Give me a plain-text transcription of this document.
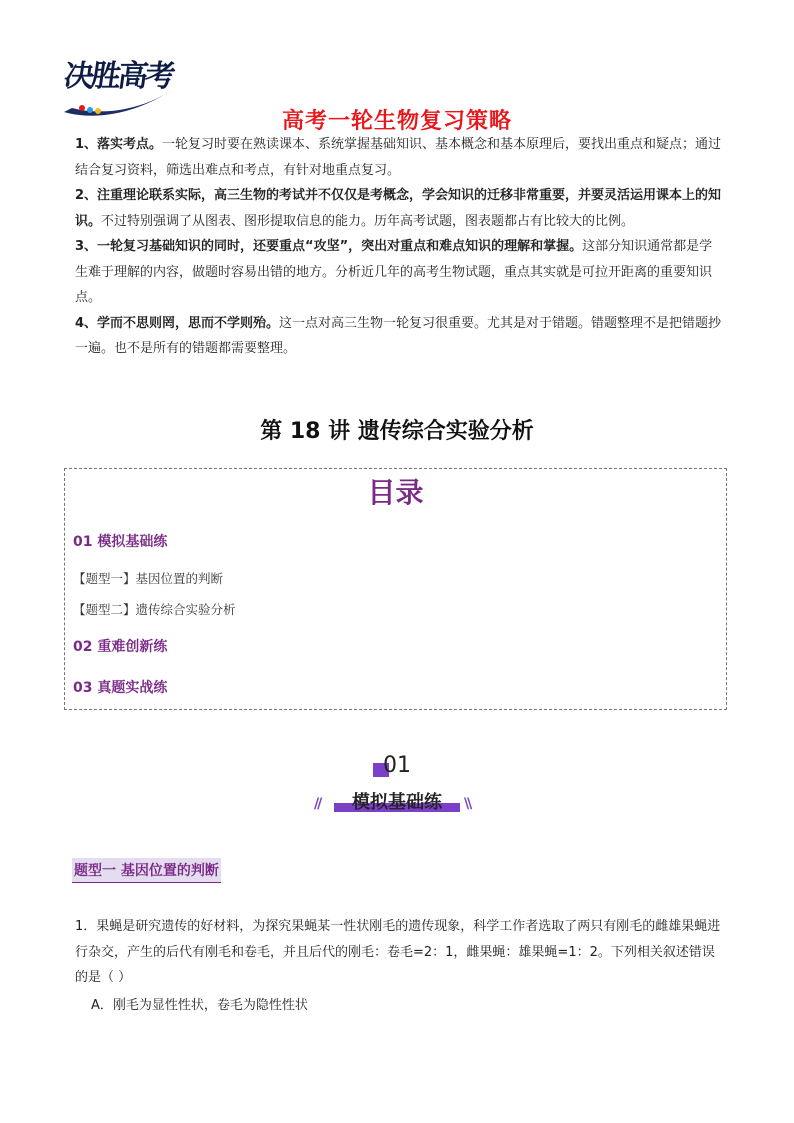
决胜高考
高考一轮生物复习策略

1、落实考点。一轮复习时要在熟读课本、系统掌握基础知识、基本概念和基本原理后，要找出重点和疑点；通过结合复习资料，筛选出难点和考点，有针对地重点复习。

2、注重理论联系实际，高三生物的考试并不仅仅是考概念，学会知识的迁移非常重要，并要灵活运用课本上的知识。不过特别强调了从图表、图形提取信息的能力。历年高考试题，图表题都占有比较大的比例。

3、一轮复习基础知识的同时，还要重点“攻坚”，突出对重点和难点知识的理解和掌握。这部分知识通常都是学生难于理解的内容，做题时容易出错的地方。分析近几年的高考生物试题，重点其实就是可拉开距离的重要知识点。

4、学而不思则罔，思而不学则殆。这一点对高三生物一轮复习很重要。尤其是对于错题。错题整理不是把错题抄一遍。也不是所有的错题都需要整理。

第 18 讲 遗传综合实验分析
目录
01 模拟基础练
【题型一】基因位置的判断
【题型二】遗传综合实验分析
02 重难创新练
03 真题实战练
01
//	模拟基础练	\\
题型一 基因位置的判断

1．果蝇是研究遗传的好材料，为探究果蝇某一性状刚毛的遗传现象，科学工作者选取了两只有刚毛的雌雄果蝇进行杂交，产生的后代有刚毛和卷毛，并且后代的刚毛：卷毛=2：1，雌果蝇：雄果蝇=1：2。下列相关叙述错误的是（ ）

A．刚毛为显性性状，卷毛为隐性性状
